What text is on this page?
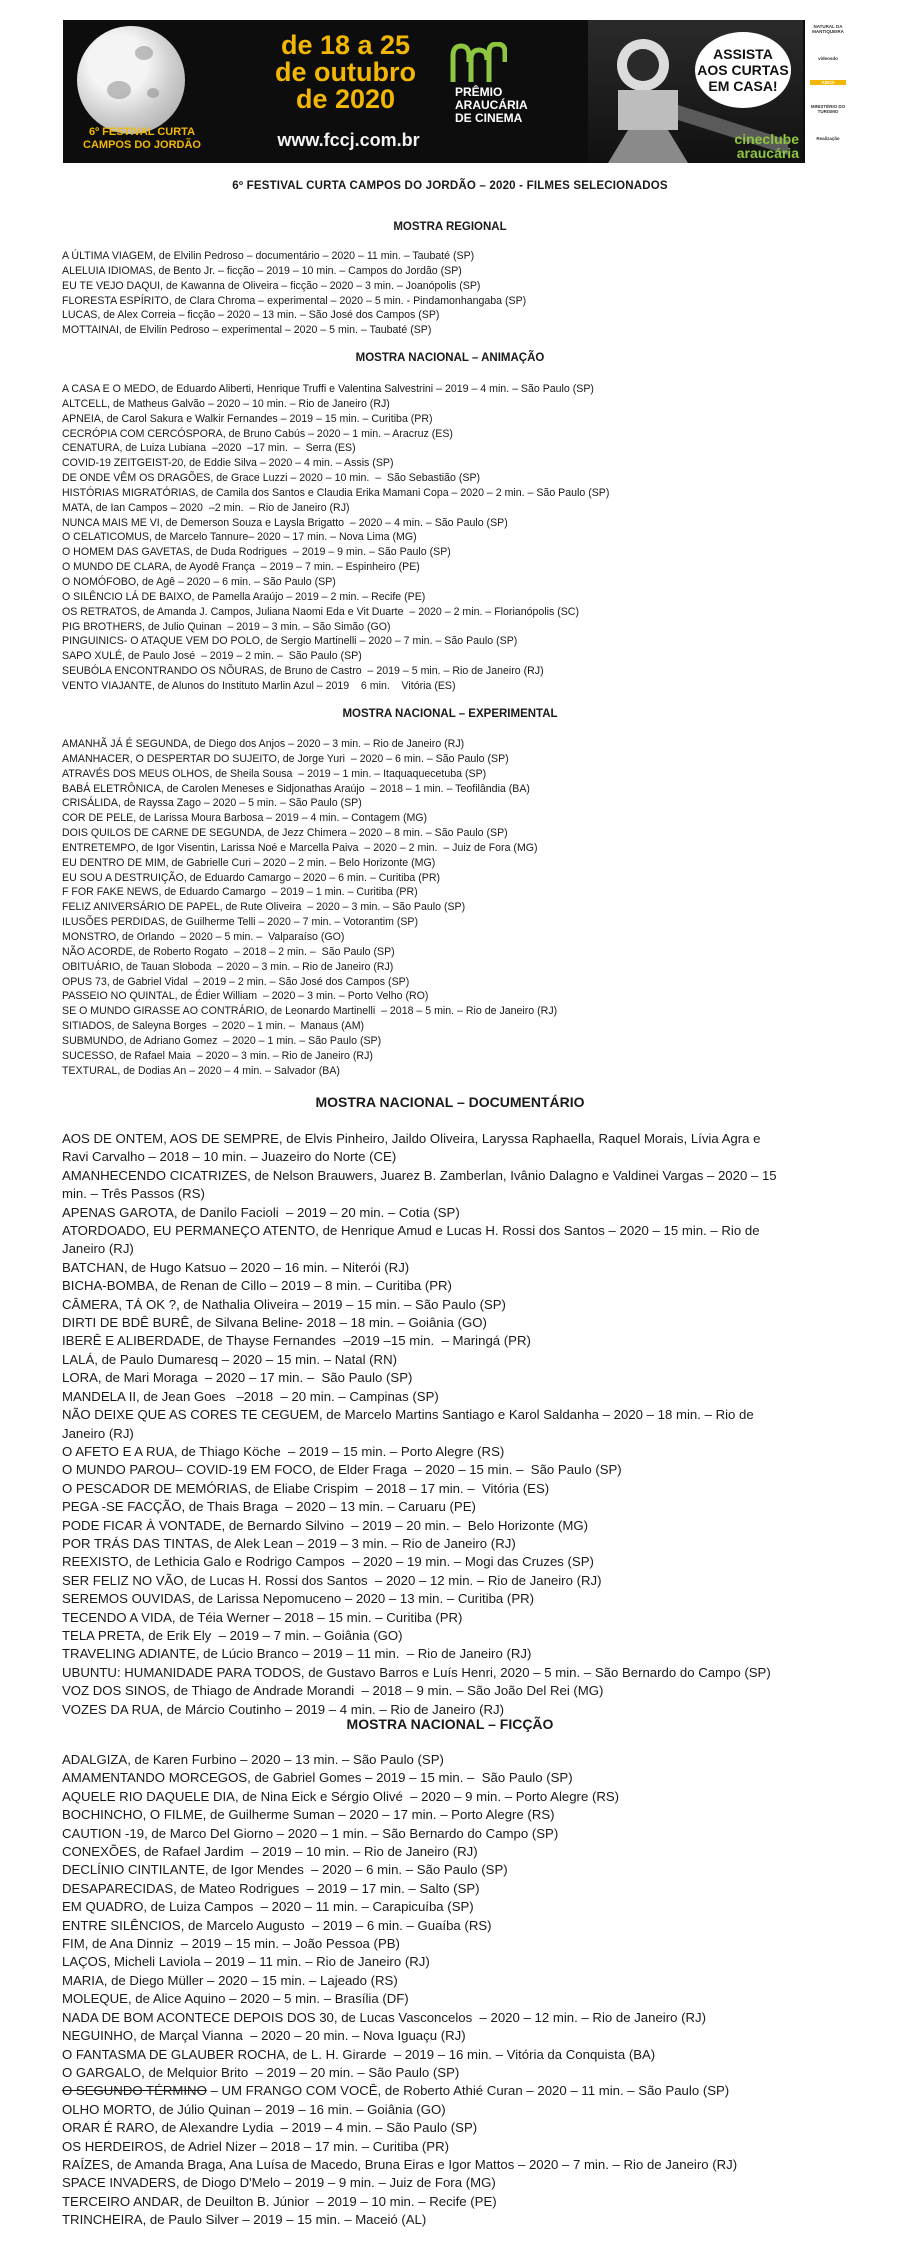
6º FESTIVAL CURTA
CAMPOS DO JORDÃO
de 18 a 25
de outubro
de 2020
www.fccj.com.br
PRÊMIO
ARAUCÁRIA
DE CINEMA
ASSISTA
AOS CURTAS
EM CASA!
cineclube
araucária
NATURAL DA MANTIQUEIRA
videosdo
ABCD
MINISTÉRIO DO TURISMO
Realização
6º FESTIVAL CURTA CAMPOS DO JORDÃO – 2020 - FILMES SELECIONADOS
MOSTRA REGIONAL
A ÚLTIMA VIAGEM, de Elvilin Pedroso – documentário – 2020 – 11 min. – Taubaté (SP)
ALELUIA IDIOMAS, de Bento Jr. – ficção – 2019 – 10 min. – Campos do Jordão (SP)
EU TE VEJO DAQUI, de Kawanna de Oliveira – ficção – 2020 – 3 min. – Joanópolis (SP)
FLORESTA ESPÍRITO, de Clara Chroma – experimental – 2020 – 5 min. - Pindamonhangaba (SP)
LUCAS, de Alex Correia – ficção – 2020 – 13 min. – São José dos Campos (SP)
MOTTAINAI, de Elvilin Pedroso – experimental – 2020 – 5 min. – Taubaté (SP)
MOSTRA NACIONAL – ANIMAÇÃO
A CASA E O MEDO, de Eduardo Aliberti, Henrique Truffi e Valentina Salvestrini – 2019 – 4 min. – São Paulo (SP)
ALTCELL, de Matheus Galvão – 2020 – 10 min. – Rio de Janeiro (RJ)
APNEIA, de Carol Sakura e Walkir Fernandes – 2019 – 15 min. – Curitiba (PR)
CECRÓPIA COM CERCÓSPORA, de Bruno Cabús – 2020 – 1 min. – Aracruz (ES)
CENATURA, de Luiza Lubiana  –2020  –17 min.  –  Serra (ES)
COVID-19 ZEITGEIST-20, de Eddie Silva – 2020 – 4 min. – Assis (SP)
DE ONDE VÊM OS DRAGÕES, de Grace Luzzi – 2020 – 10 min.  –  São Sebastião (SP)
HISTÓRIAS MIGRATÓRIAS, de Camila dos Santos e Claudia Erika Mamani Copa – 2020 – 2 min. – São Paulo (SP)
MATA, de Ian Campos – 2020  –2 min.  – Rio de Janeiro (RJ)
NUNCA MAIS ME VI, de Demerson Souza e Laysla Brigatto  – 2020 – 4 min. – São Paulo (SP)
O CELATICOMUS, de Marcelo Tannure– 2020 – 17 min. – Nova Lima (MG)
O HOMEM DAS GAVETAS, de Duda Rodrigues  – 2019 – 9 min. – São Paulo (SP)
O MUNDO DE CLARA, de Ayodê França  – 2019 – 7 min. – Espinheiro (PE)
O NOMÓFOBO, de Agê – 2020 – 6 min. – São Paulo (SP)
O SILÊNCIO LÁ DE BAIXO, de Pamella Araújo – 2019 – 2 min. – Recife (PE)
OS RETRATOS, de Amanda J. Campos, Juliana Naomi Eda e Vit Duarte  – 2020 – 2 min. – Florianópolis (SC)
PIG BROTHERS, de Julio Quinan  – 2019 – 3 min. – São Simão (GO)
PINGUINICS- O ATAQUE VEM DO POLO, de Sergio Martinelli – 2020 – 7 min. – São Paulo (SP)
SAPO XULÉ, de Paulo José  – 2019 – 2 min. –  São Paulo (SP)
SEUBÓLA ENCONTRANDO OS NÕURAS, de Bruno de Castro  – 2019 – 5 min. – Rio de Janeiro (RJ)
VENTO VIAJANTE, de Alunos do Instituto Marlin Azul – 2019    6 min.    Vitória (ES)
MOSTRA NACIONAL – EXPERIMENTAL
AMANHÃ JÁ É SEGUNDA, de Diego dos Anjos – 2020 – 3 min. – Rio de Janeiro (RJ)
AMANHACER, O DESPERTAR DO SUJEITO, de Jorge Yuri  – 2020 – 6 min. – São Paulo (SP)
ATRAVÉS DOS MEUS OLHOS, de Sheila Sousa  – 2019 – 1 min. – Itaquaquecetuba (SP)
BABÁ ELETRÔNICA, de Carolen Meneses e Sidjonathas Araújo  – 2018 – 1 min. – Teofilândia (BA)
CRISÁLIDA, de Rayssa Zago – 2020 – 5 min. – São Paulo (SP)
COR DE PELE, de Larissa Moura Barbosa – 2019 – 4 min. – Contagem (MG)
DOIS QUILOS DE CARNE DE SEGUNDA, de Jezz Chimera – 2020 – 8 min. – São Paulo (SP)
ENTRETEMPO, de Igor Visentin, Larissa Noé e Marcella Paiva  – 2020 – 2 min.  – Juiz de Fora (MG)
EU DENTRO DE MIM, de Gabrielle Curi – 2020 – 2 min. – Belo Horizonte (MG)
EU SOU A DESTRUIÇÃO, de Eduardo Camargo – 2020 – 6 min. – Curitiba (PR)
F FOR FAKE NEWS, de Eduardo Camargo  – 2019 – 1 min. – Curitiba (PR)
FELIZ ANIVERSÁRIO DE PAPEL, de Rute Oliveira  – 2020 – 3 min. – São Paulo (SP)
ILUSÕES PERDIDAS, de Guilherme Telli – 2020 – 7 min. – Votorantim (SP)
MONSTRO, de Orlando  – 2020 – 5 min. –  Valparaíso (GO)
NÃO ACORDE, de Roberto Rogato  – 2018 – 2 min. –  São Paulo (SP)
OBITUÁRIO, de Tauan Sloboda  – 2020 – 3 min. – Rio de Janeiro (RJ)
OPUS 73, de Gabriel Vidal  – 2019 – 2 min. – São José dos Campos (SP)
PASSEIO NO QUINTAL, de Édier William  – 2020 – 3 min. – Porto Velho (RO)
SE O MUNDO GIRASSE AO CONTRÁRIO, de Leonardo Martinelli  – 2018 – 5 min. – Rio de Janeiro (RJ)
SITIADOS, de Saleyna Borges  – 2020 – 1 min. –  Manaus (AM)
SUBMUNDO, de Adriano Gomez  – 2020 – 1 min. – São Paulo (SP)
SUCESSO, de Rafael Maia  – 2020 – 3 min. – Rio de Janeiro (RJ)
TEXTURAL, de Dodias An – 2020 – 4 min. – Salvador (BA)
MOSTRA NACIONAL – DOCUMENTÁRIO
AOS DE ONTEM, AOS DE SEMPRE, de Elvis Pinheiro, Jaildo Oliveira, Laryssa Raphaella, Raquel Morais, Lívia Agra e
Ravi Carvalho – 2018 – 10 min. – Juazeiro do Norte (CE)
AMANHECENDO CICATRIZES, de Nelson Brauwers, Juarez B. Zamberlan, Ivânio Dalagno e Valdinei Vargas – 2020 – 15
min. – Três Passos (RS)
APENAS GAROTA, de Danilo Facioli  – 2019 – 20 min. – Cotia (SP)
ATORDOADO, EU PERMANEÇO ATENTO, de Henrique Amud e Lucas H. Rossi dos Santos – 2020 – 15 min. – Rio de
Janeiro (RJ)
BATCHAN, de Hugo Katsuo – 2020 – 16 min. – Niterói (RJ)
BICHA-BOMBA, de Renan de Cillo – 2019 – 8 min. – Curitiba (PR)
CÂMERA, TÁ OK ?, de Nathalia Oliveira – 2019 – 15 min. – São Paulo (SP)
DIRTI DE BDÊ BURÊ, de Silvana Beline- 2018 – 18 min. – Goiânia (GO)
IBERÊ E ALIBERDADE, de Thayse Fernandes  –2019 –15 min.  – Maringá (PR)
LALÁ, de Paulo Dumaresq – 2020 – 15 min. – Natal (RN)
LORA, de Mari Moraga  – 2020 – 17 min. –  São Paulo (SP)
MANDELA II, de Jean Goes   –2018  – 20 min. – Campinas (SP)
NÃO DEIXE QUE AS CORES TE CEGUEM, de Marcelo Martins Santiago e Karol Saldanha – 2020 – 18 min. – Rio de
Janeiro (RJ)
O AFETO E A RUA, de Thiago Köche  – 2019 – 15 min. – Porto Alegre (RS)
O MUNDO PAROU– COVID-19 EM FOCO, de Elder Fraga  – 2020 – 15 min. –  São Paulo (SP)
O PESCADOR DE MEMÓRIAS, de Eliabe Crispim  – 2018 – 17 min. –  Vitória (ES)
PEGA -SE FACÇÃO, de Thais Braga  – 2020 – 13 min. – Caruaru (PE)
PODE FICAR À VONTADE, de Bernardo Silvino  – 2019 – 20 min. –  Belo Horizonte (MG)
POR TRÁS DAS TINTAS, de Alek Lean – 2019 – 3 min. – Rio de Janeiro (RJ)
REEXISTO, de Lethicia Galo e Rodrigo Campos  – 2020 – 19 min. – Mogi das Cruzes (SP)
SER FELIZ NO VÃO, de Lucas H. Rossi dos Santos  – 2020 – 12 min. – Rio de Janeiro (RJ)
SEREMOS OUVIDAS, de Larissa Nepomuceno – 2020 – 13 min. – Curitiba (PR)
TECENDO A VIDA, de Téia Werner – 2018 – 15 min. – Curitiba (PR)
TELA PRETA, de Erik Ely  – 2019 – 7 min. – Goiânia (GO)
TRAVELING ADIANTE, de Lúcio Branco – 2019 – 11 min.  – Rio de Janeiro (RJ)
UBUNTU: HUMANIDADE PARA TODOS, de Gustavo Barros e Luís Henri, 2020 – 5 min. – São Bernardo do Campo (SP)
VOZ DOS SINOS, de Thiago de Andrade Morandi  – 2018 – 9 min. – São João Del Rei (MG)
VOZES DA RUA, de Márcio Coutinho – 2019 – 4 min. – Rio de Janeiro (RJ)
MOSTRA NACIONAL – FICÇÃO
ADALGIZA, de Karen Furbino – 2020 – 13 min. – São Paulo (SP)
AMAMENTANDO MORCEGOS, de Gabriel Gomes – 2019 – 15 min. –  São Paulo (SP)
AQUELE RIO DAQUELE DIA, de Nina Eick e Sérgio Olivé  – 2020 – 9 min. – Porto Alegre (RS)
BOCHINCHO, O FILME, de Guilherme Suman – 2020 – 17 min. – Porto Alegre (RS)
CAUTION -19, de Marco Del Giorno – 2020 – 1 min. – São Bernardo do Campo (SP)
CONEXÕES, de Rafael Jardim  – 2019 – 10 min. – Rio de Janeiro (RJ)
DECLÍNIO CINTILANTE, de Igor Mendes  – 2020 – 6 min. – São Paulo (SP)
DESAPARECIDAS, de Mateo Rodrigues  – 2019 – 17 min. – Salto (SP)
EM QUADRO, de Luiza Campos  – 2020 – 11 min. – Carapicuíba (SP)
ENTRE SILÊNCIOS, de Marcelo Augusto  – 2019 – 6 min. – Guaíba (RS)
FIM, de Ana Dinniz  – 2019 – 15 min. – João Pessoa (PB)
LAÇOS, Micheli Laviola – 2019 – 11 min. – Rio de Janeiro (RJ)
MARIA, de Diego Müller – 2020 – 15 min. – Lajeado (RS)
MOLEQUE, de Alice Aquino – 2020 – 5 min. – Brasília (DF)
NADA DE BOM ACONTECE DEPOIS DOS 30, de Lucas Vasconcelos  – 2020 – 12 min. – Rio de Janeiro (RJ)
NEGUINHO, de Marçal Vianna  – 2020 – 20 min. – Nova Iguaçu (RJ)
O FANTASMA DE GLAUBER ROCHA, de L. H. Girarde  – 2019 – 16 min. – Vitória da Conquista (BA)
O GARGALO, de Melquior Brito  – 2019 – 20 min. – São Paulo (SP)
O SEGUNDO TÉRMINO – UM FRANGO COM VOCÊ, de Roberto Athié Curan – 2020 – 11 min. – São Paulo (SP)
OLHO MORTO, de Júlio Quinan – 2019 – 16 min. – Goiânia (GO)
ORAR É RARO, de Alexandre Lydia  – 2019 – 4 min. – São Paulo (SP)
OS HERDEIROS, de Adriel Nizer – 2018 – 17 min. – Curitiba (PR)
RAÍZES, de Amanda Braga, Ana Luísa de Macedo, Bruna Eiras e Igor Mattos – 2020 – 7 min. – Rio de Janeiro (RJ)
SPACE INVADERS, de Diogo D'Melo – 2019 – 9 min. – Juiz de Fora (MG)
TERCEIRO ANDAR, de Deuilton B. Júnior  – 2019 – 10 min. – Recife (PE)
TRINCHEIRA, de Paulo Silver – 2019 – 15 min. – Maceió (AL)
